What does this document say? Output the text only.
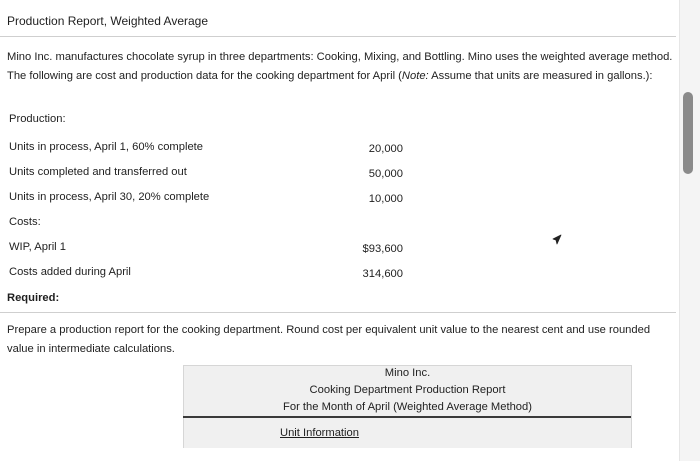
Production Report, Weighted Average
Mino Inc. manufactures chocolate syrup in three departments: Cooking, Mixing, and Bottling. Mino uses the weighted average method. The following are cost and production data for the cooking department for April (Note: Assume that units are measured in gallons.):
Production:
Units in process, April 1, 60% complete	20,000
Units completed and transferred out	50,000
Units in process, April 30, 20% complete	10,000
Costs:
WIP, April 1	$93,600
Costs added during April	314,600
Required:
Prepare a production report for the cooking department. Round cost per equivalent unit value to the nearest cent and use rounded value in intermediate calculations.
Mino Inc.
Cooking Department Production Report
For the Month of April (Weighted Average Method)
Unit Information
